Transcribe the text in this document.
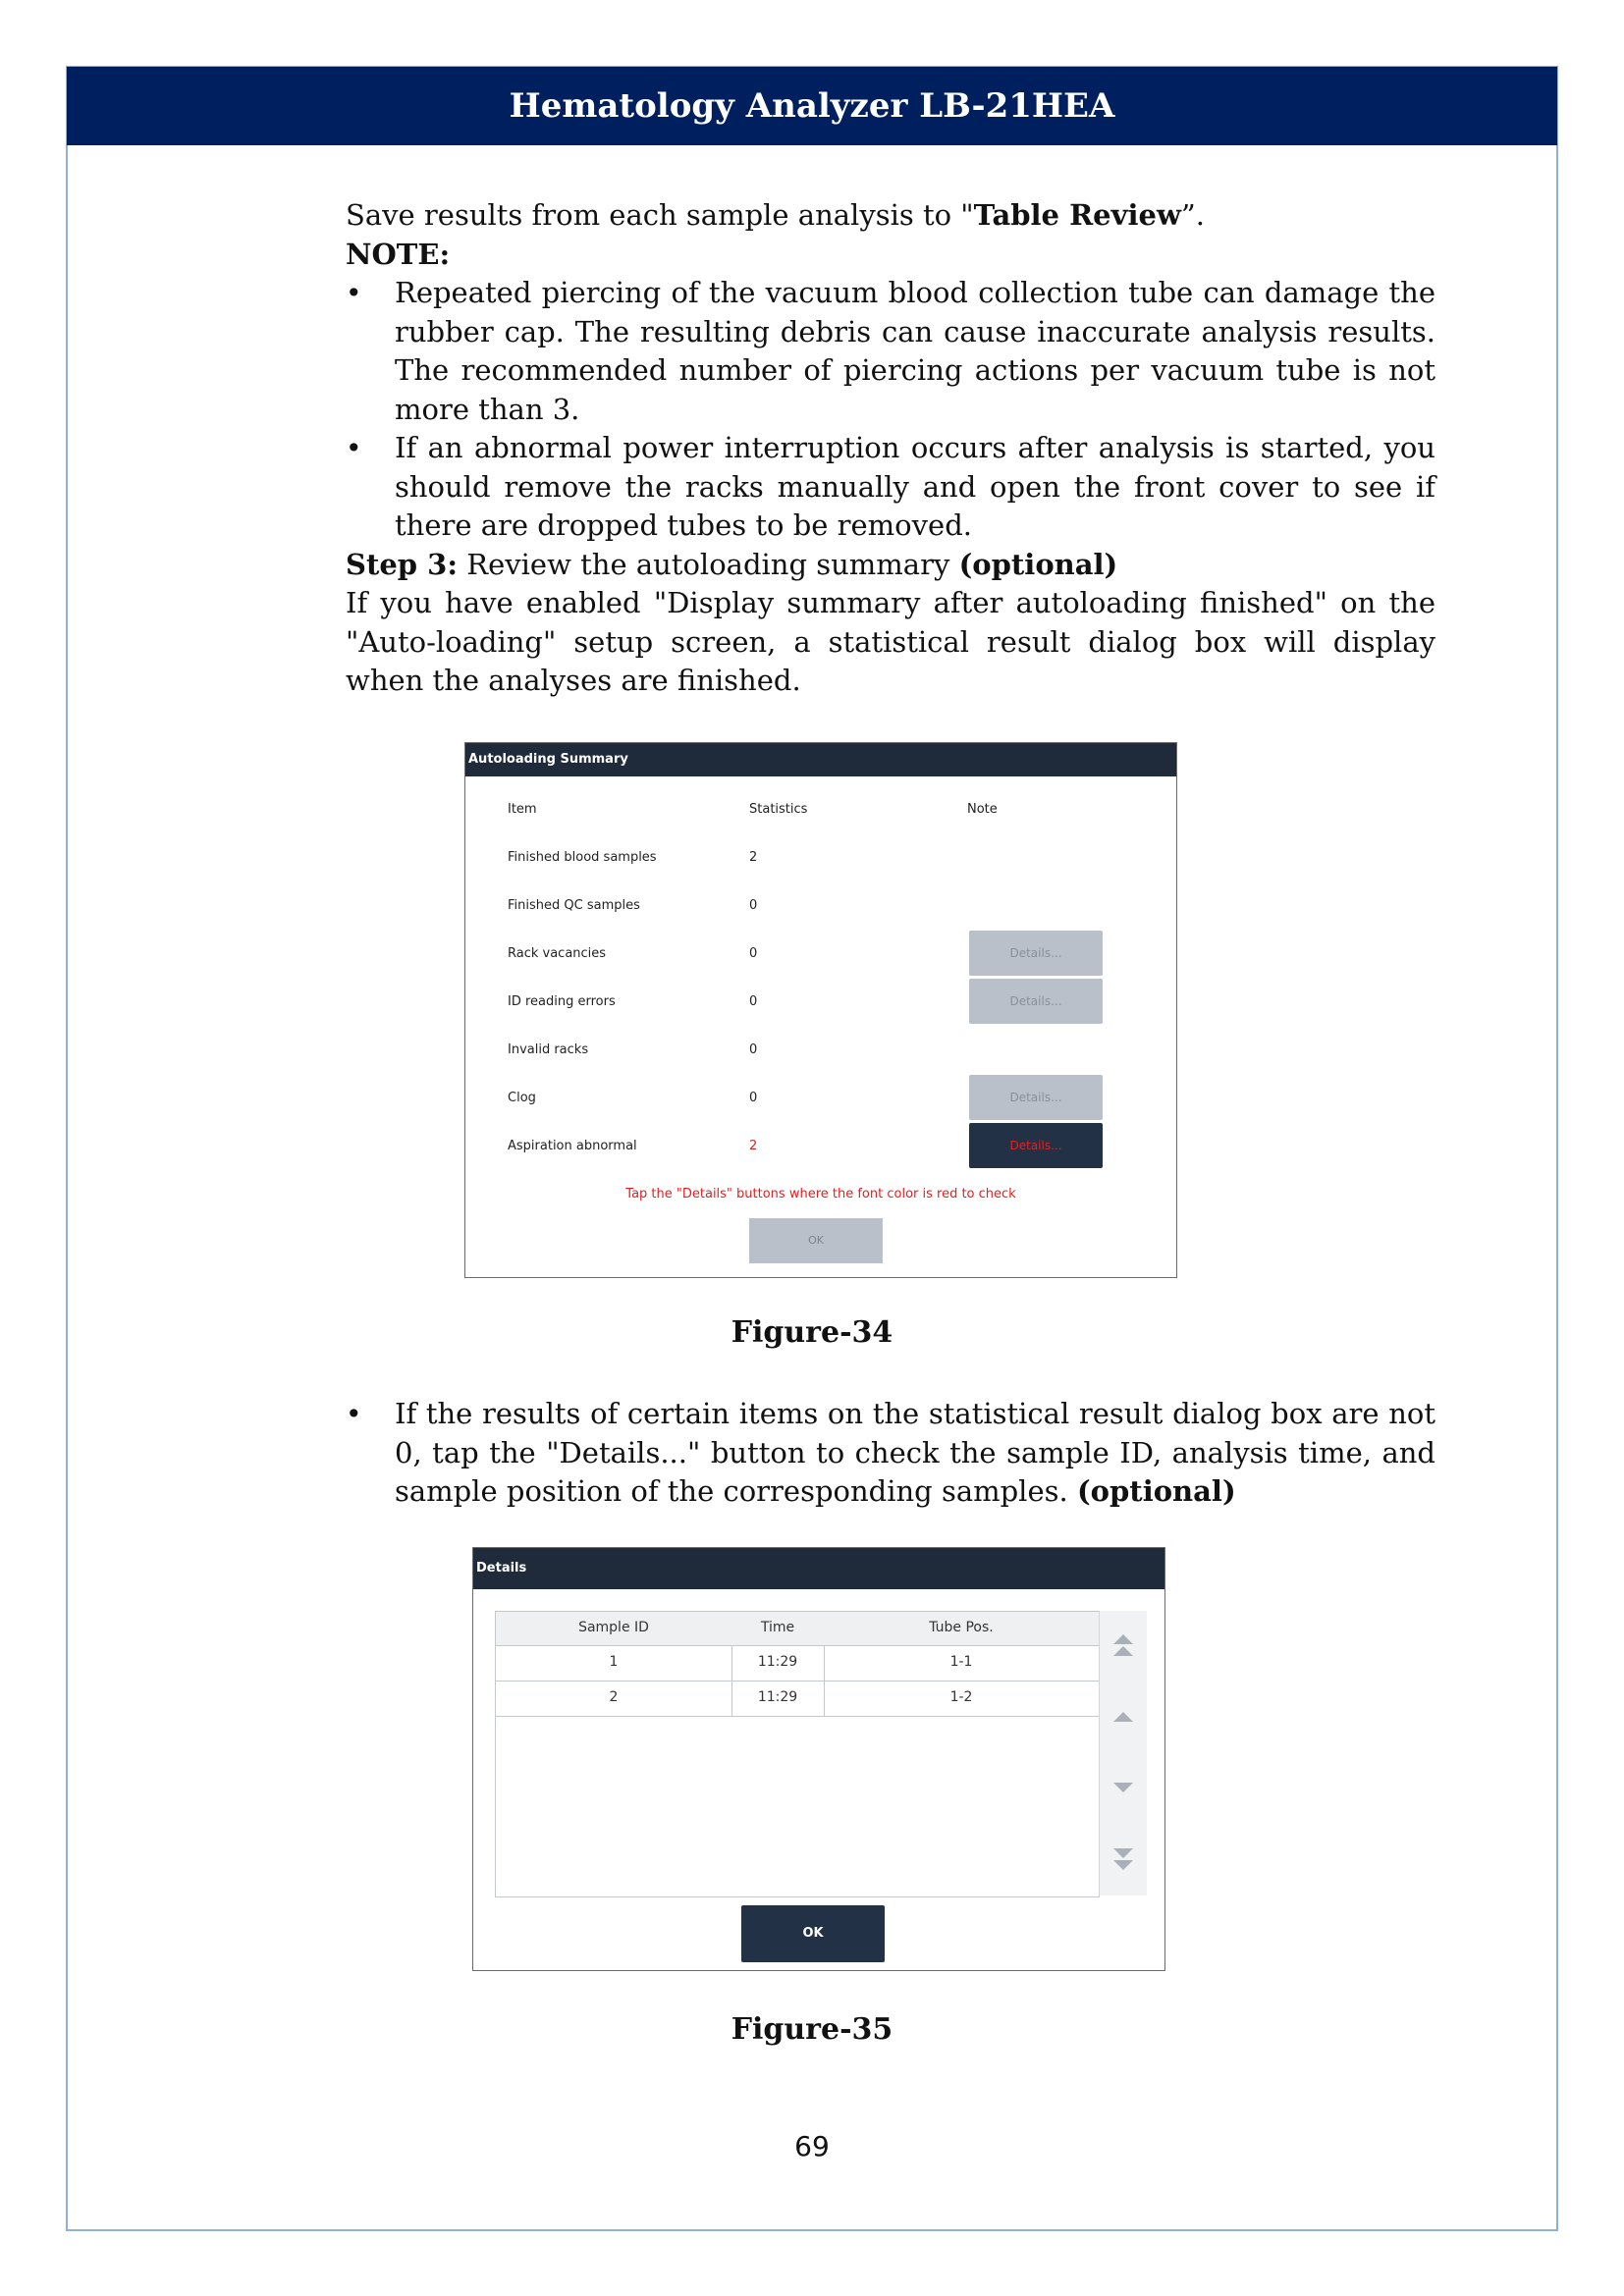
Hematology Analyzer LB-21HEA

Save results from each sample analysis to "Table Review”.

NOTE:

• Repeated piercing of the vacuum blood collection tube can damage the rubber cap. The resulting debris can cause inaccurate analysis results. The recommended number of piercing actions per vacuum tube is not more than 3.
• If an abnormal power interruption occurs after analysis is started, you should remove the racks manually and open the front cover to see if there are dropped tubes to be removed.

Step 3: Review the autoloading summary (optional)

If you have enabled "Display summary after autoloading finished" on the "Auto-loading" setup screen, a statistical result dialog box will display when the analyses are finished.

Autoloading Summary
Item	Statistics	Note
Finished blood samples	2
Finished QC samples	0
Rack vacancies	0	Details...
ID reading errors	0	Details...
Invalid racks	0
Clog	0	Details...
Aspiration abnormal	2	Details...
Tap the "Details" buttons where the font color is red to check
OK
Figure-34
• If the results of certain items on the statistical result dialog box are not 0, tap the "Details..." button to check the sample ID, analysis time, and sample position of the corresponding samples. (optional)
Details
Sample ID	Time	Tube Pos.
1	11:29	1-1
2	11:29	1-2
OK
Figure-35
69
